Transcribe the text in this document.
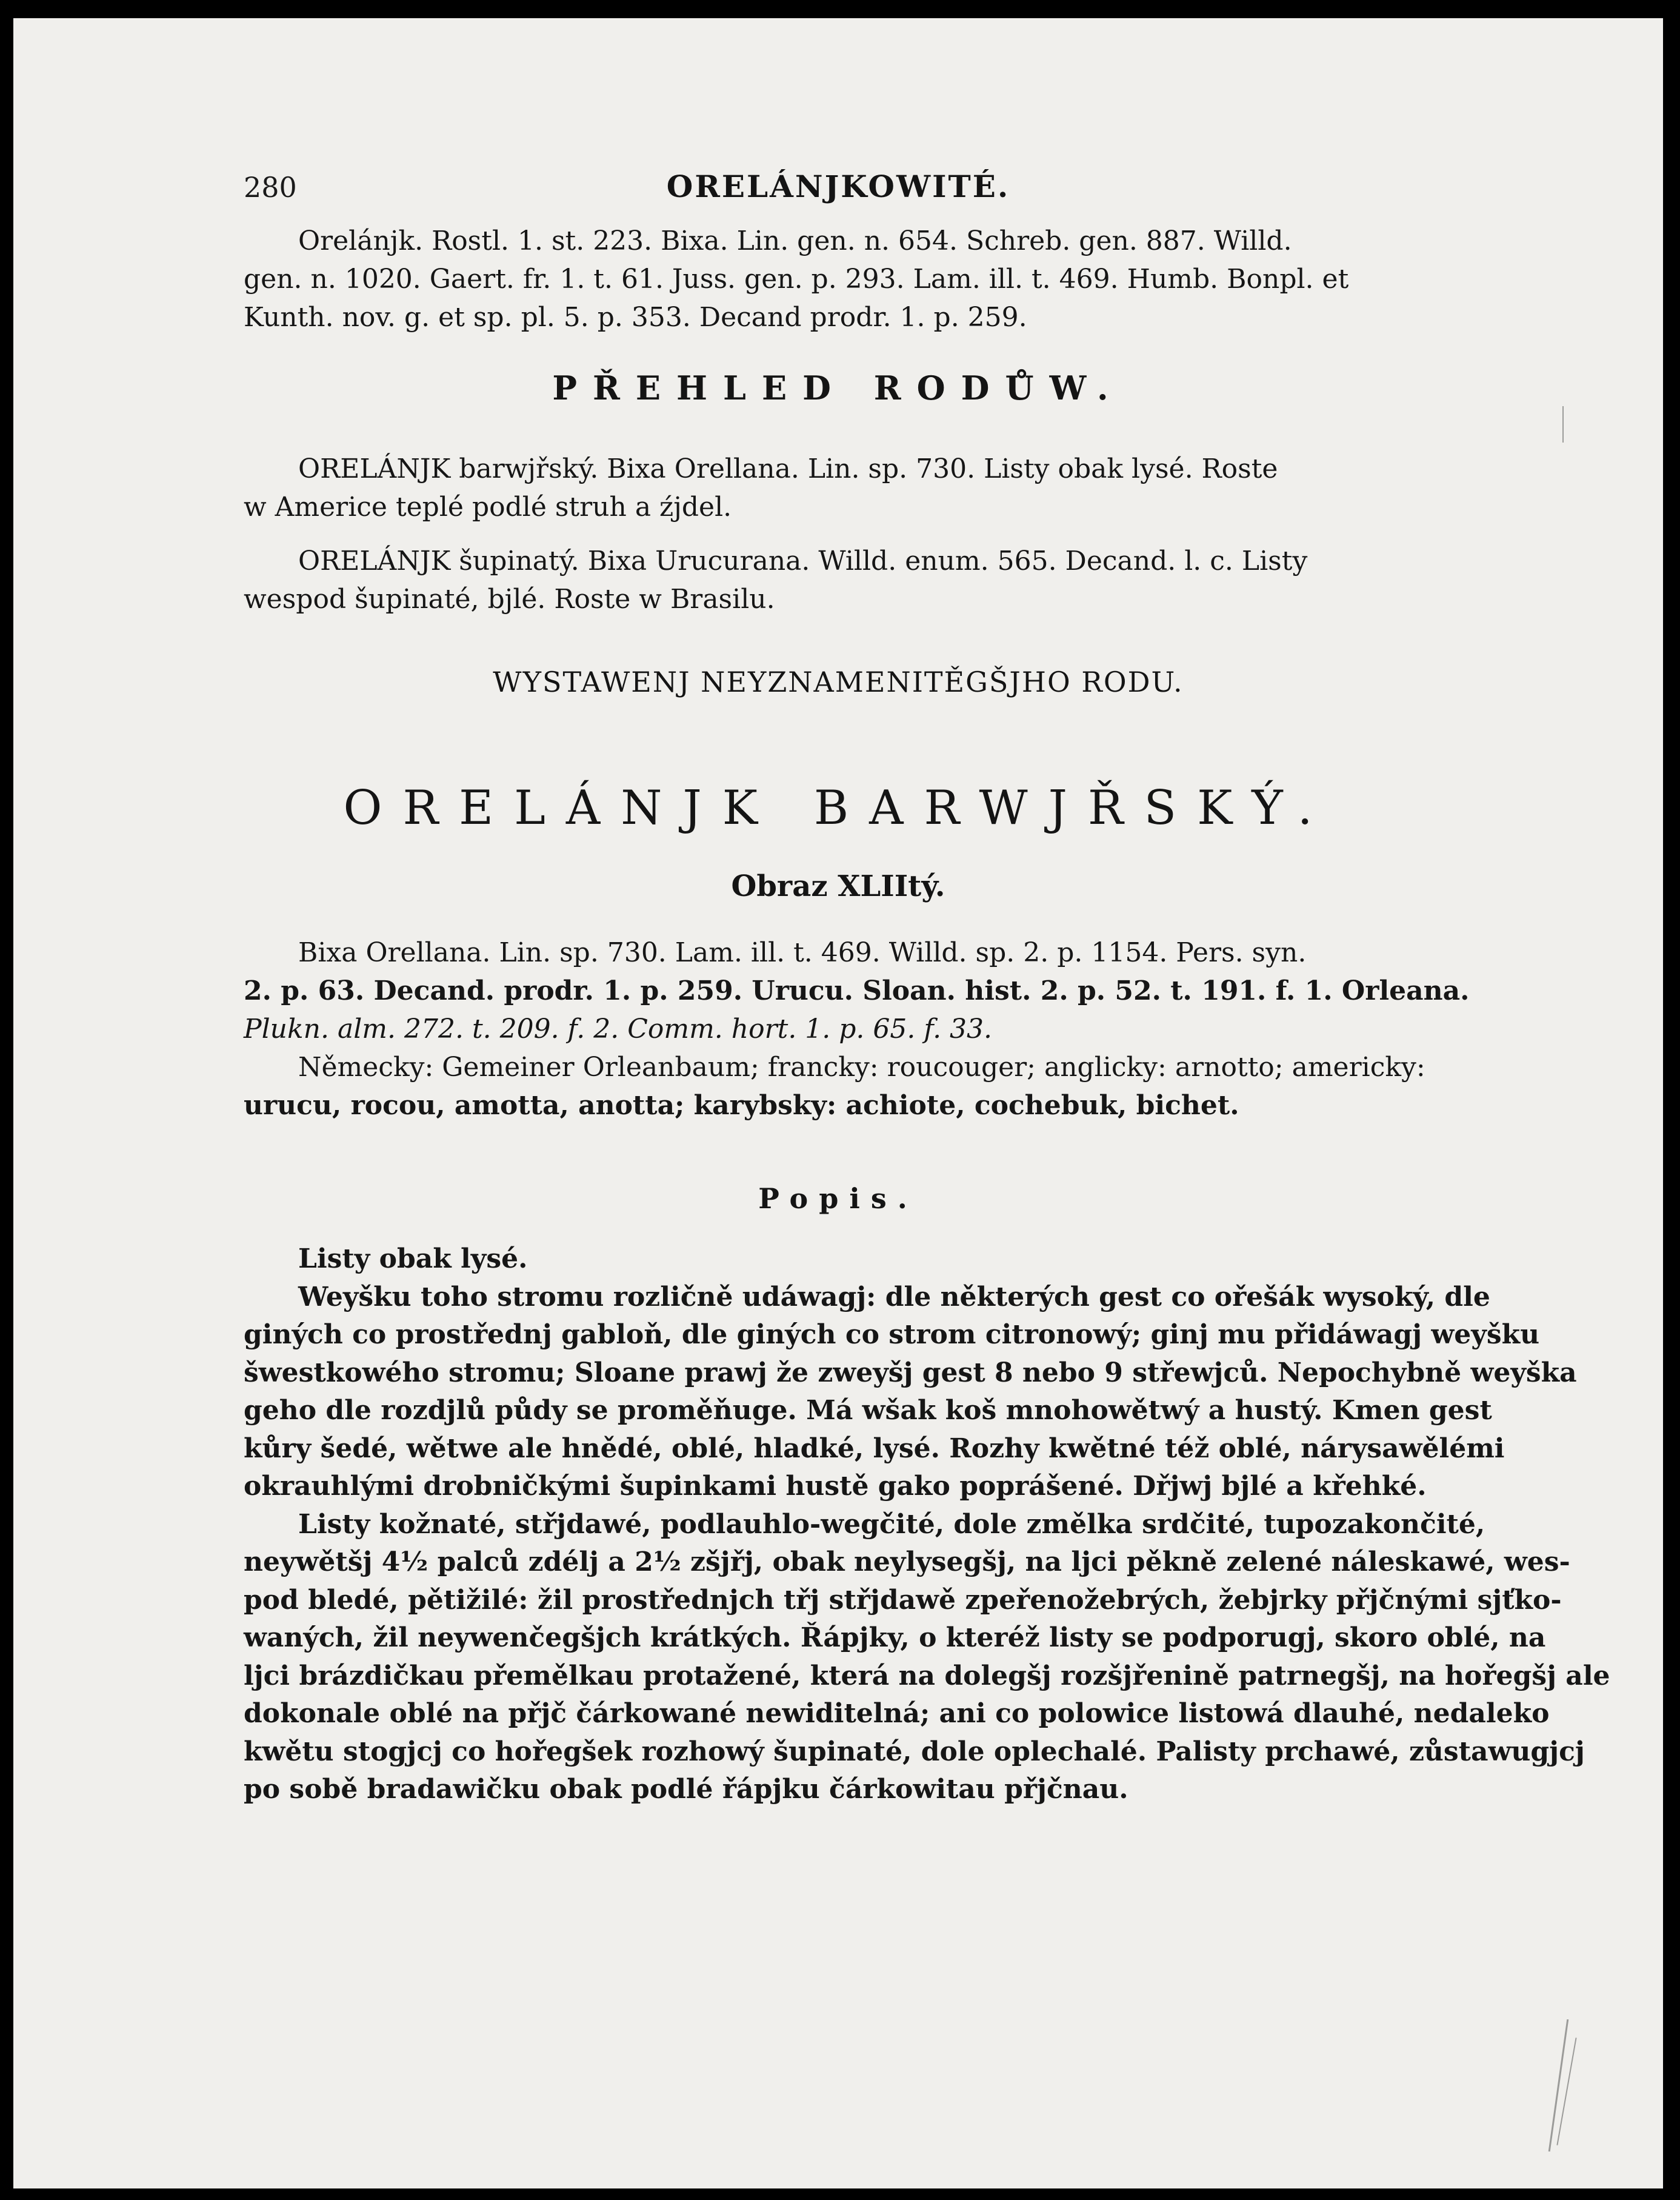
280	ORELÁNJKOWITÉ.
Orelánjk. Rostl. 1. st. 223. Bixa. Lin. gen. n. 654. Schreb. gen. 887. Willd.
gen. n. 1020. Gaert. fr. 1. t. 61. Juss. gen. p. 293. Lam. ill. t. 469. Humb. Bonpl. et
Kunth. nov. g. et sp. pl. 5. p. 353. Decand prodr. 1. p. 259.
PŘEHLED RODŮW.
ORELÁNJK barwjřský. Bixa Orellana. Lin. sp. 730. Listy obak lysé. Roste
w Americe teplé podlé struh a źjdel.
ORELÁNJK šupinatý. Bixa Urucurana. Willd. enum. 565. Decand. l. c. Listy
wespod šupinaté, bjlé. Roste w Brasilu.
WYSTAWENJ NEYZNAMENITĚGŠJHO RODU.
ORELÁNJK BARWJŘSKÝ.
Obraz XLIItý.
Bixa Orellana. Lin. sp. 730. Lam. ill. t. 469. Willd. sp. 2. p. 1154. Pers. syn.
2. p. 63. Decand. prodr. 1. p. 259. Urucu. Sloan. hist. 2. p. 52. t. 191. f. 1. Orleana.
Plukn. alm. 272. t. 209. f. 2. Comm. hort. 1. p. 65. f. 33.
Německy: Gemeiner Orleanbaum; francky: roucouger; anglicky: arnotto; americky:
urucu, rocou, amotta, anotta; karybsky: achiote, cochebuk, bichet.
Popis.
Listy obak lysé.
Weyšku toho stromu rozličně udáwagj: dle některých gest co ořešák wysoký, dle
giných co prostřednj gabloň, dle giných co strom citronowý; ginj mu přidáwagj weyšku
šwestkowého stromu; Sloane prawj že zweyšj gest 8 nebo 9 střewjců. Nepochybně weyška
geho dle rozdjlů půdy se proměňuge. Má wšak koš mnohowětwý a hustý. Kmen gest
kůry šedé, wětwe ale hnědé, oblé, hladké, lysé. Rozhy kwětné též oblé, nárysawělémi
okrauhlými drobničkými šupinkami hustě gako poprášené. Dřjwj bjlé a křehké.
Listy kožnaté, střjdawé, podlauhlo-wegčité, dole změlka srdčité, tupozakončité,
neywětšj 4½ palců zdélj a 2½ zšjřj, obak neylysegšj, na ljci pěkně zelené náleskawé, wes-
pod bledé, pětižilé: žil prostřednjch třj střjdawě zpeřenožebrých, žebjrky přjčnými sjťko-
waných, žil neywenčegšjch krátkých. Řápjky, o kteréž listy se podporugj, skoro oblé, na
ljci brázdičkau přemělkau protažené, která na dolegšj rozšjřenině patrnegšj, na hořegšj ale
dokonale oblé na přjč čárkowané newiditelná; ani co polowice listowá dlauhé, nedaleko
kwětu stogjcj co hořegšek rozhowý šupinaté, dole oplechalé. Palisty prchawé, zůstawugjcj
po sobě bradawičku obak podlé řápjku čárkowitau přjčnau.
